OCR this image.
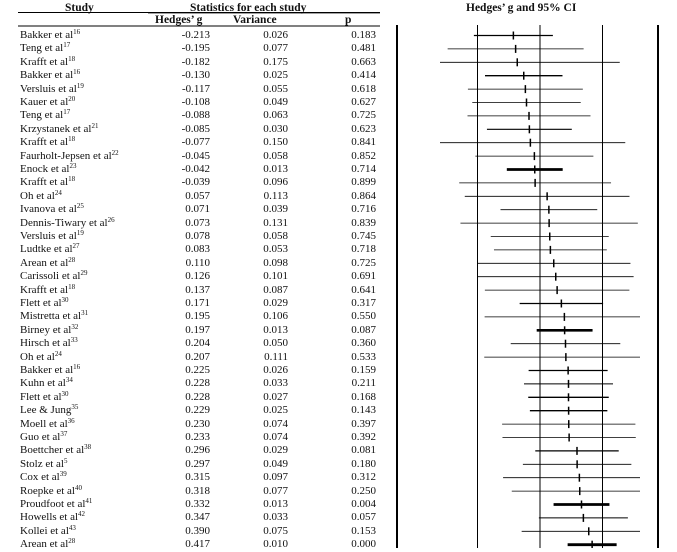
Study	Statistics for each study
Hedges’ g	Variance	p
Hedges’ g and 95% CI
Bakker et $al^{16}$	-0.213	0.026	0.183
Teng et $al^{17}$	-0.195	0.077	0.481
Krafft et $al^{18}$	-0.182	0.175	0.663
Bakker et $al^{16}$	-0.130	0.025	0.414
Versluis et $al^{19}$	-0.117	0.055	0.618
Kauer et $al^{20}$	-0.108	0.049	0.627
Teng et $al^{17}$	-0.088	0.063	0.725
Krzystanek et $al^{21}$	-0.085	0.030	0.623
Krafft et $al^{18}$	-0.077	0.150	0.841
Faurholt-Jepsen et $al^{22}$	-0.045	0.058	0.852
Enock et $al^{23}$	-0.042	0.013	0.714
Krafft et $al^{18}$	-0.039	0.096	0.899
Oh et $al^{24}$	0.057	0.113	0.864
Ivanova et $al^{25}$	0.071	0.039	0.716
Dennis-Tiwary et $al^{26}$	0.073	0.131	0.839
Versluis et $al^{19}$	0.078	0.058	0.745
Ludtke et $al^{27}$	0.083	0.053	0.718
Arean et $al^{28}$	0.110	0.098	0.725
Carissoli et $al^{29}$	0.126	0.101	0.691
Krafft et $al^{18}$	0.137	0.087	0.641
Flett et $al^{30}$	0.171	0.029	0.317
Mistretta et $al^{31}$	0.195	0.106	0.550
Birney et $al^{32}$	0.197	0.013	0.087
Hirsch et $al^{33}$	0.204	0.050	0.360
Oh et $al^{24}$	0.207	0.111	0.533
Bakker et $al^{16}$	0.225	0.026	0.159
Kuhn et $al^{34}$	0.228	0.033	0.211
Flett et $al^{30}$	0.228	0.027	0.168
Lee & Jung$^{35}$	0.229	0.025	0.143
Moell et $al^{36}$	0.230	0.074	0.397
Guo et $al^{37}$	0.233	0.074	0.392
Boettcher et $al^{38}$	0.296	0.029	0.081
Stolz et $al^5$	0.297	0.049	0.180
Cox et $al^{39}$	0.315	0.097	0.312
Roepke et $al^{40}$	0.318	0.077	0.250
Proudfoot et $al^{41}$	0.332	0.013	0.004
Howells et $al^{42}$	0.347	0.033	0.057
Kollei et $al^{43}$	0.390	0.075	0.153
Arean et $al^{28}$	0.417	0.010	0.000
